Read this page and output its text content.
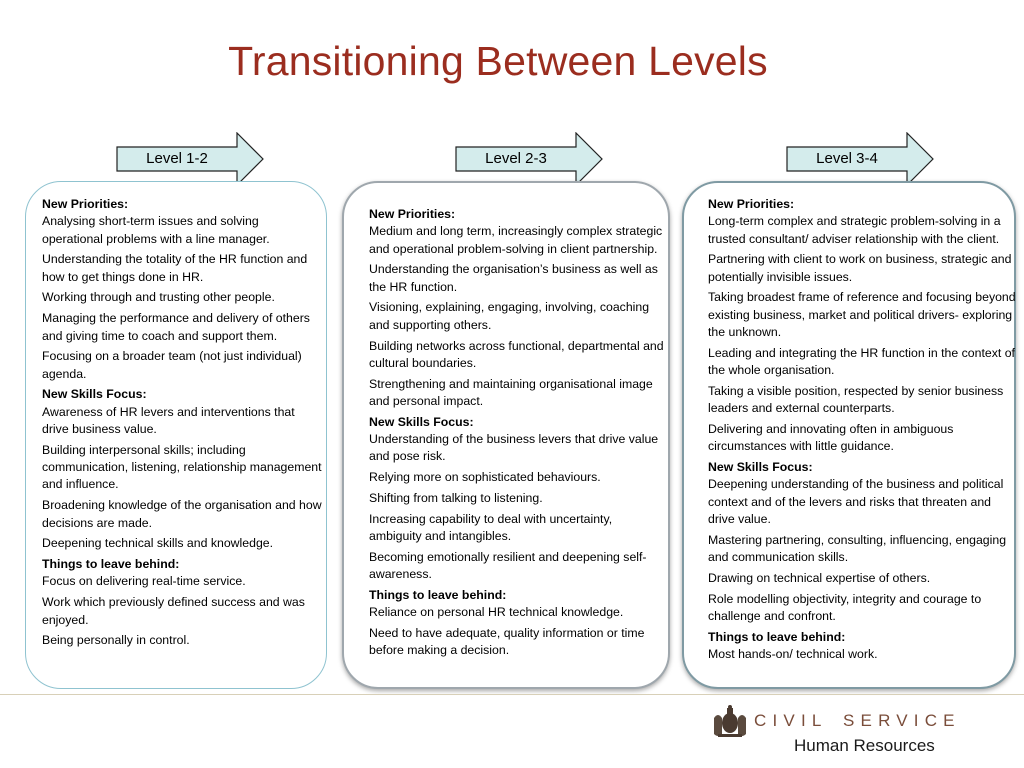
Transitioning Between Levels
Level 1-2	Level 2-3	Level 3-4

New Priorities:
Analysing short-term issues and solving operational problems with a line manager.

Understanding the totality of the HR function and how to get things done in HR.

Working through and trusting other people.

Managing the performance and delivery of others and giving time to coach and support them.

Focusing on a broader team (not just individual) agenda.

New Skills Focus:
Awareness of HR levers and interventions that drive business value.

Building interpersonal skills; including communication, listening, relationship management and influence.

Broadening knowledge of the organisation and how decisions are made.

Deepening technical skills and knowledge.

Things to leave behind:
Focus on delivering real-time service.

Work which previously defined success and was enjoyed.

Being personally in control.

New Priorities:
Medium and long term, increasingly complex strategic and operational problem-solving in client partnership.

Understanding the organisation’s business as well as the HR function.

Visioning, explaining, engaging, involving, coaching and supporting others.

Building networks across functional, departmental and cultural boundaries.

Strengthening and maintaining organisational image and personal impact.

New Skills Focus:
Understanding of the business levers that drive value and pose risk.

Relying more on sophisticated behaviours.

Shifting from talking to listening.

Increasing capability to deal with uncertainty, ambiguity and intangibles.

Becoming emotionally resilient and deepening self-awareness.

Things to leave behind:
Reliance on personal HR technical knowledge.

Need to have adequate, quality information or time before making a decision.

New Priorities:
Long-term complex and strategic problem-solving in a trusted consultant/ adviser relationship with the client.

Partnering with client to work on business, strategic and potentially invisible issues.

Taking broadest frame of reference and focusing beyond existing business, market and political drivers- exploring the unknown.

Leading and integrating the HR function in the context of the whole organisation.

Taking a visible position, respected by senior business leaders and external counterparts.

Delivering and innovating often in ambiguous circumstances with little guidance.

New Skills Focus:
Deepening understanding of the business and political context and of the levers and risks that threaten and drive value.

Mastering partnering, consulting, influencing, engaging and communication skills.

Drawing on technical expertise of others.

Role modelling objectivity, integrity and courage to challenge and confront.

Things to leave behind:
Most hands-on/ technical work.

CIVIL SERVICE
Human Resources
